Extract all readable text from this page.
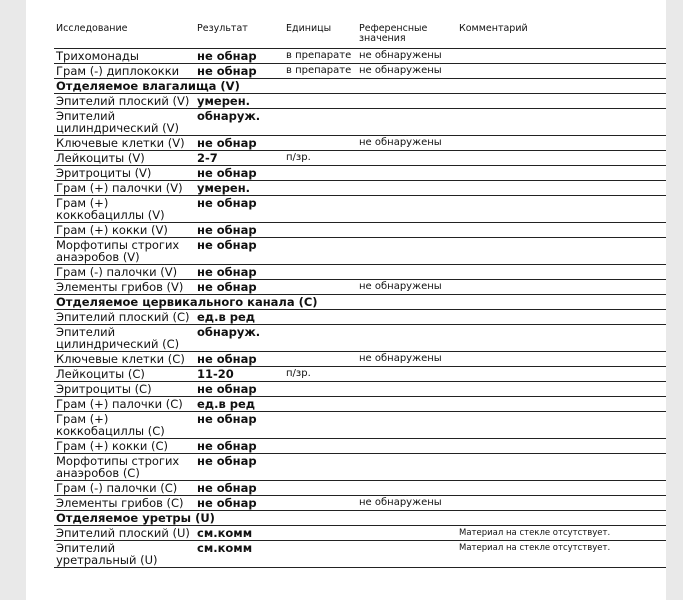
Исследование	Результат	Единицы	Референсные значения	Комментарий
Трихомонады	не обнар	в препарате	не обнаружены	
Грам (-) диплококки	не обнар	в препарате	не обнаружены	
Отделяемое влагалища (V)				
Эпителий плоский (V)	умерен.			
Эпителий цилиндрический (V)	обнаруж.			
Ключевые клетки (V)	не обнар		не обнаружены	
Лейкоциты (V)	2-7	п/зр.		
Эритроциты (V)	не обнар			
Грам (+) палочки (V)	умерен.			
Грам (+) коккобациллы (V)	не обнар			
Грам (+) кокки (V)	не обнар			
Морфотипы строгих анаэробов (V)	не обнар			
Грам (-) палочки (V)	не обнар			
Элементы грибов (V)	не обнар		не обнаружены	
Отделяемое цервикального канала (C)				
Эпителий плоский (C)	ед.в ред			
Эпителий цилиндрический (C)	обнаруж.			
Ключевые клетки (C)	не обнар		не обнаружены	
Лейкоциты (C)	11-20	п/зр.		
Эритроциты (C)	не обнар			
Грам (+) палочки (C)	ед.в ред			
Грам (+) коккобациллы (C)	не обнар			
Грам (+) кокки (C)	не обнар			
Морфотипы строгих анаэробов (C)	не обнар			
Грам (-) палочки (C)	не обнар			
Элементы грибов (C)	не обнар		не обнаружены	
Отделяемое уретры (U)				
Эпителий плоский (U)	см.комм			Материал на стекле отсутствует.
Эпителий уретральный (U)	см.комм			Материал на стекле отсутствует.
